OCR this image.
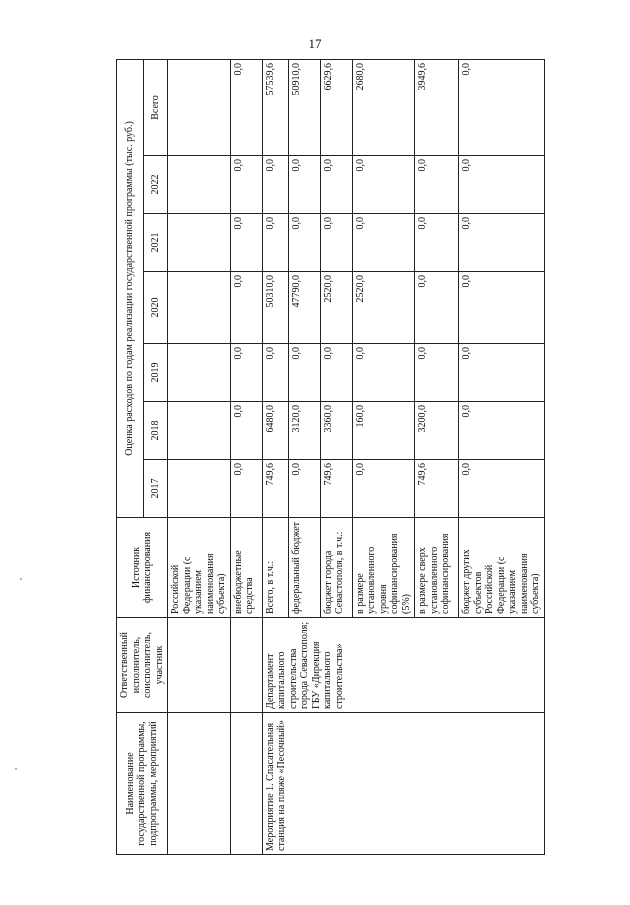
17
Наименование государственной программы, подпрограммы, мероприятий	Ответственный исполнитель, соисполнитель, участник	Источник финансирования	Оценка расходов по годам реализации государственной программы (тыс. руб.)						
			2017	2018	2019	2020	2021	2022	Всего
		Российской Федерации (с указанием наименования субъекта)							
		внебюджетные средства	0,0	0,0	0,0	0,0	0,0	0,0	0,0
Мероприятие 1. Спасательная станция на пляже «Песочный»	Департамент капитального строительства города Севастополя; ГБУ «Дирекция капитального строительства»	Всего, в т.ч.:	749,6	6480,0	0,0	50310,0	0,0	0,0	57539,6
		федеральный бюджет	0,0	3120,0	0,0	47790,0	0,0	0,0	50910,0
		бюджет города Севастополя, в т.ч.:	749,6	3360,0	0,0	2520,0	0,0	0,0	6629,6
		в размере установленного уровня софинансирования (5%)	0,0	160,0	0,0	2520,0	0,0	0,0	2680,0
		в размере сверх установленного софинансирования	749,6	3200,0	0,0	0,0	0,0	0,0	3949,6
		бюджет других субъектов Российской Федерации (с указанием наименования субъекта)	0,0	0,0	0,0	0,0	0,0	0,0	0,0
